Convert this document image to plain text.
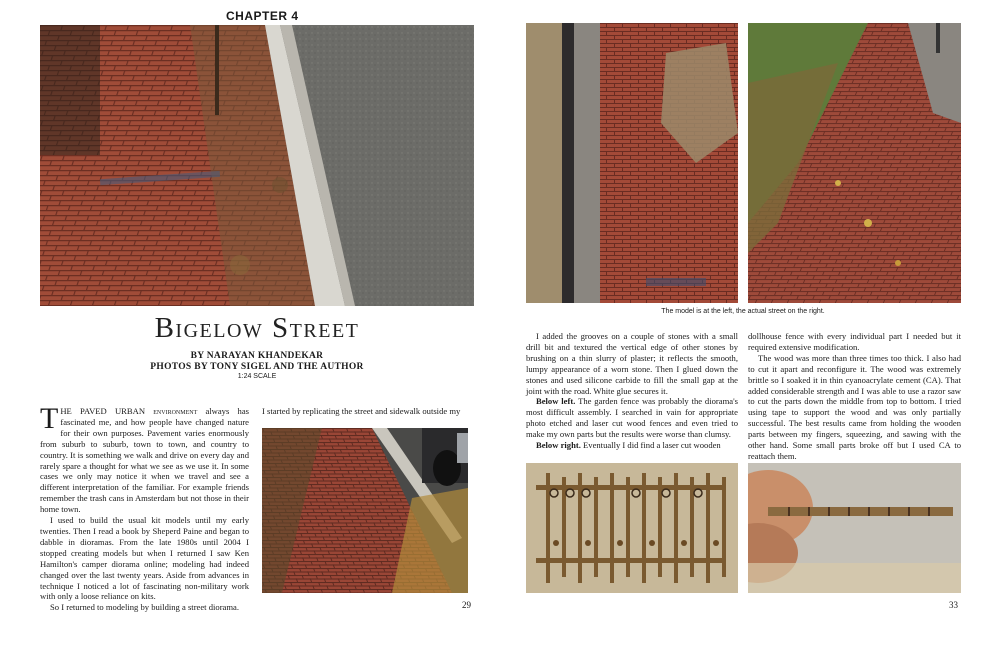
CHAPTER 4
Bigelow Street
BY NARAYAN KHANDEKAR
PHOTOS BY TONY SIGEL AND THE AUTHOR
1:24 SCALE

THE PAVED URBAN environment always has fascinated me, and how people have changed nature for their own purposes. Pavement varies enormously from suburb to suburb, town to town, and country to country. It is something we walk and drive on every day and rarely spare a thought for what we see as we use it. In some cases we only may notice it when we travel and see a different interpretation of the familiar. For example friends remember the trash cans in Amsterdam but not those in their home town.

I used to build the usual kit models until my early twenties. Then I read a book by Sheperd Paine and began to dabble in dioramas. From the late 1980s until 2004 I stopped creating models but when I returned I saw Ken Hamilton's camper diorama online; modeling had indeed changed over the last twenty years. Aside from advances in technique I noticed a lot of fascinating non-military work with only a loose reliance on kits.

So I returned to modeling by building a street diorama.

I started by replicating the street and sidewalk outside my

29
The model is at the left, the actual street on the right.

I added the grooves on a couple of stones with a small drill bit and textured the vertical edge of other stones by brushing on a thin slurry of plaster; it reflects the smooth, lumpy appearance of a worn stone. Then I glued down the stones and used silicone carbide to fill the small gap at the joint with the road. White glue secures it.

Below left. The garden fence was probably the diorama's most difficult assembly. I searched in vain for appropriate photo etched and laser cut wood fences and even tried to make my own parts but the results were worse than clumsy.

Below right. Eventually I did find a laser cut wooden

dollhouse fence with every individual part I needed but it required extensive modification.

The wood was more than three times too thick. I also had to cut it apart and reconfigure it. The wood was extremely brittle so I soaked it in thin cyanoacrylate cement (CA). That added considerable strength and I was able to use a razor saw to cut the parts down the middle from top to bottom. I tried using tape to support the wood and was only partially successful. The best results came from holding the wooden parts between my fingers, squeezing, and sawing with the other hand. Some small parts broke off but I used CA to reattach them.

33
